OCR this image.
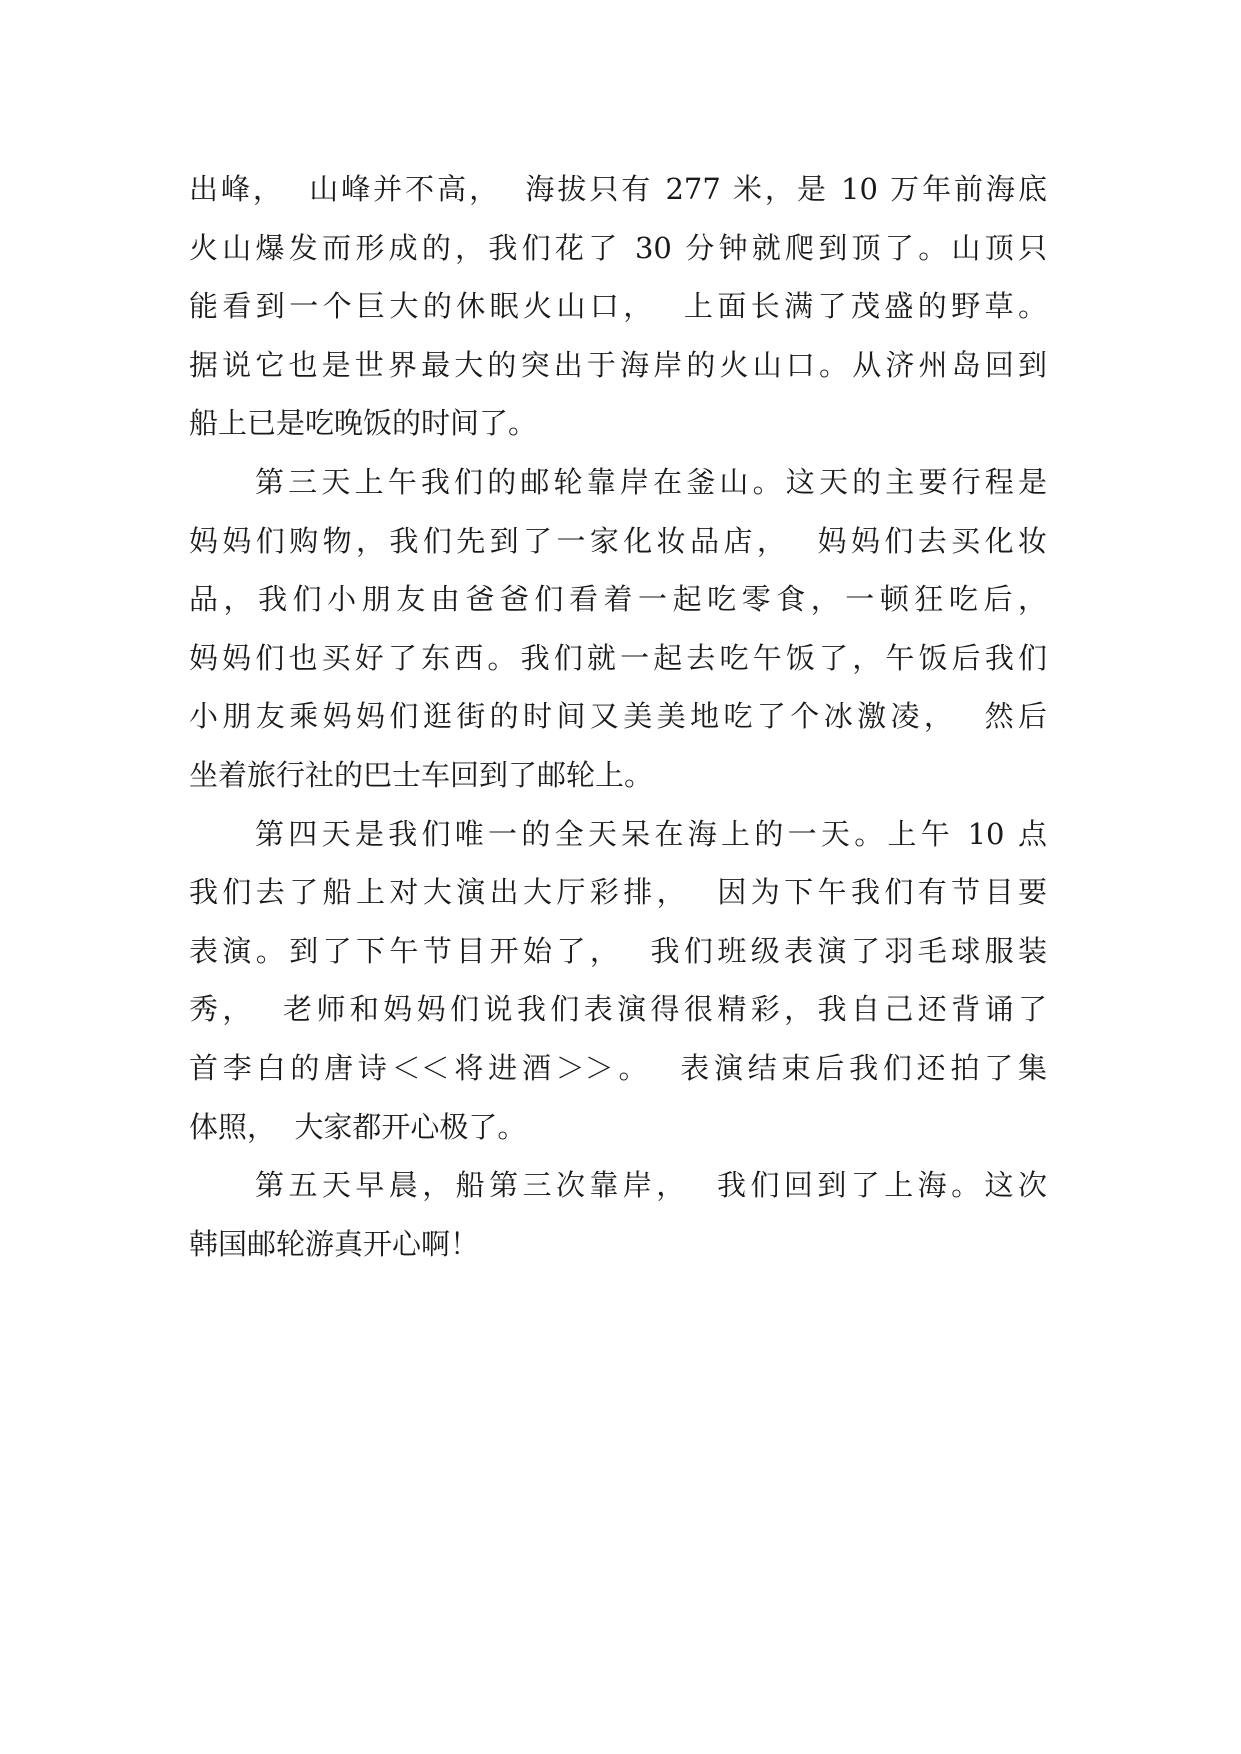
出峰，  山峰并不高，  海拔只有 277 米，是 10 万年前海底
火山爆发而形成的，我们花了 30 分钟就爬到顶了。山顶只
能看到一个巨大的休眠火山口，  上面长满了茂盛的野草。
据说它也是世界最大的突出于海岸的火山口。从济州岛回到
船上已是吃晚饭的时间了。
第三天上午我们的邮轮靠岸在釜山。这天的主要行程是
妈妈们购物，我们先到了一家化妆品店，  妈妈们去买化妆
品，我们小朋友由爸爸们看着一起吃零食，一顿狂吃后，
妈妈们也买好了东西。我们就一起去吃午饭了，午饭后我们
小朋友乘妈妈们逛街的时间又美美地吃了个冰激凌，  然后
坐着旅行社的巴士车回到了邮轮上。
第四天是我们唯一的全天呆在海上的一天。上午 10 点
我们去了船上对大演出大厅彩排，  因为下午我们有节目要
表演。到了下午节目开始了，  我们班级表演了羽毛球服装
秀，  老师和妈妈们说我们表演得很精彩，我自己还背诵了
首李白的唐诗＜＜将进酒＞＞。  表演结束后我们还拍了集
体照，  大家都开心极了。
第五天早晨，船第三次靠岸，  我们回到了上海。这次
韩国邮轮游真开心啊！
